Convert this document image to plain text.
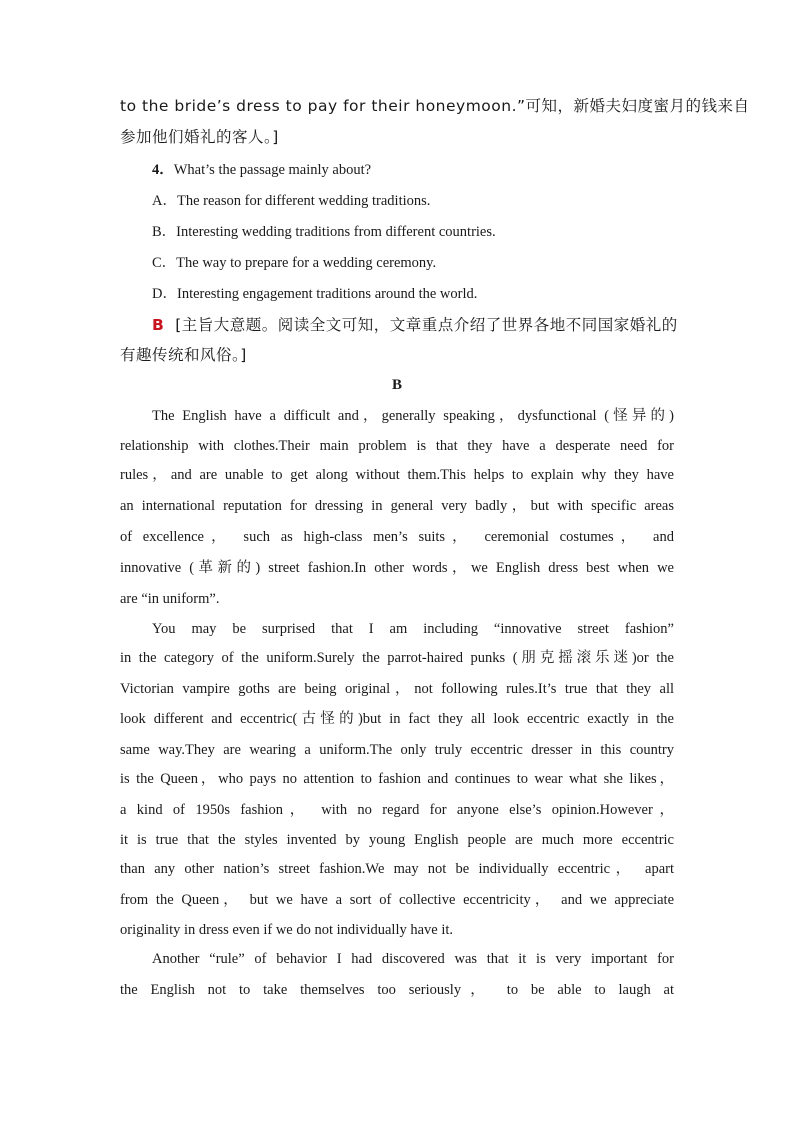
to the bride’s dress to pay for their honeymoon.”可知，新婚夫妇度蜜月的钱来自
参加他们婚礼的客人。]
4．What’s the passage mainly about?
A．The reason for different wedding traditions.
B．Interesting wedding traditions from different countries.
C．The way to prepare for a wedding ceremony.
D．Interesting engagement traditions around the world.
B [主旨大意题。阅读全文可知，文章重点介绍了世界各地不同国家婚礼的
有趣传统和风俗。]
B
The English have a difficult and，generally speaking，dysfunctional (怪异的)
relationship with clothes.Their main problem is that they have a desperate need for
rules，and are unable to get along without them.This helps to explain why they have
an international reputation for dressing in general very badly，but with specific areas
of excellence， such as high-class men’s suits， ceremonial costumes， and
innovative (革新的) street fashion.In other words，we English dress best when we
are “in uniform”.
You may be surprised that I am including “innovative street fashion”
in the category of the uniform.Surely the parrot-haired punks (朋克摇滚乐迷)or the
Victorian vampire goths are being original，not following rules.It’s true that they all
look different and eccentric(古怪的)but in fact they all look eccentric exactly in the
same way.They are wearing a uniform.The only truly eccentric dresser in this country
is the Queen，who pays no attention to fashion and continues to wear what she likes，
a kind of 1950s fashion， with no regard for anyone else’s opinion.However，
it is true that the styles invented by young English people are much more eccentric
than any other nation’s street fashion.We may not be individually eccentric， apart
from the Queen， but we have a sort of collective eccentricity， and we appreciate
originality in dress even if we do not individually have it.
Another “rule” of behavior I had discovered was that it is very important for
the English not to take themselves too seriously， to be able to laugh at
